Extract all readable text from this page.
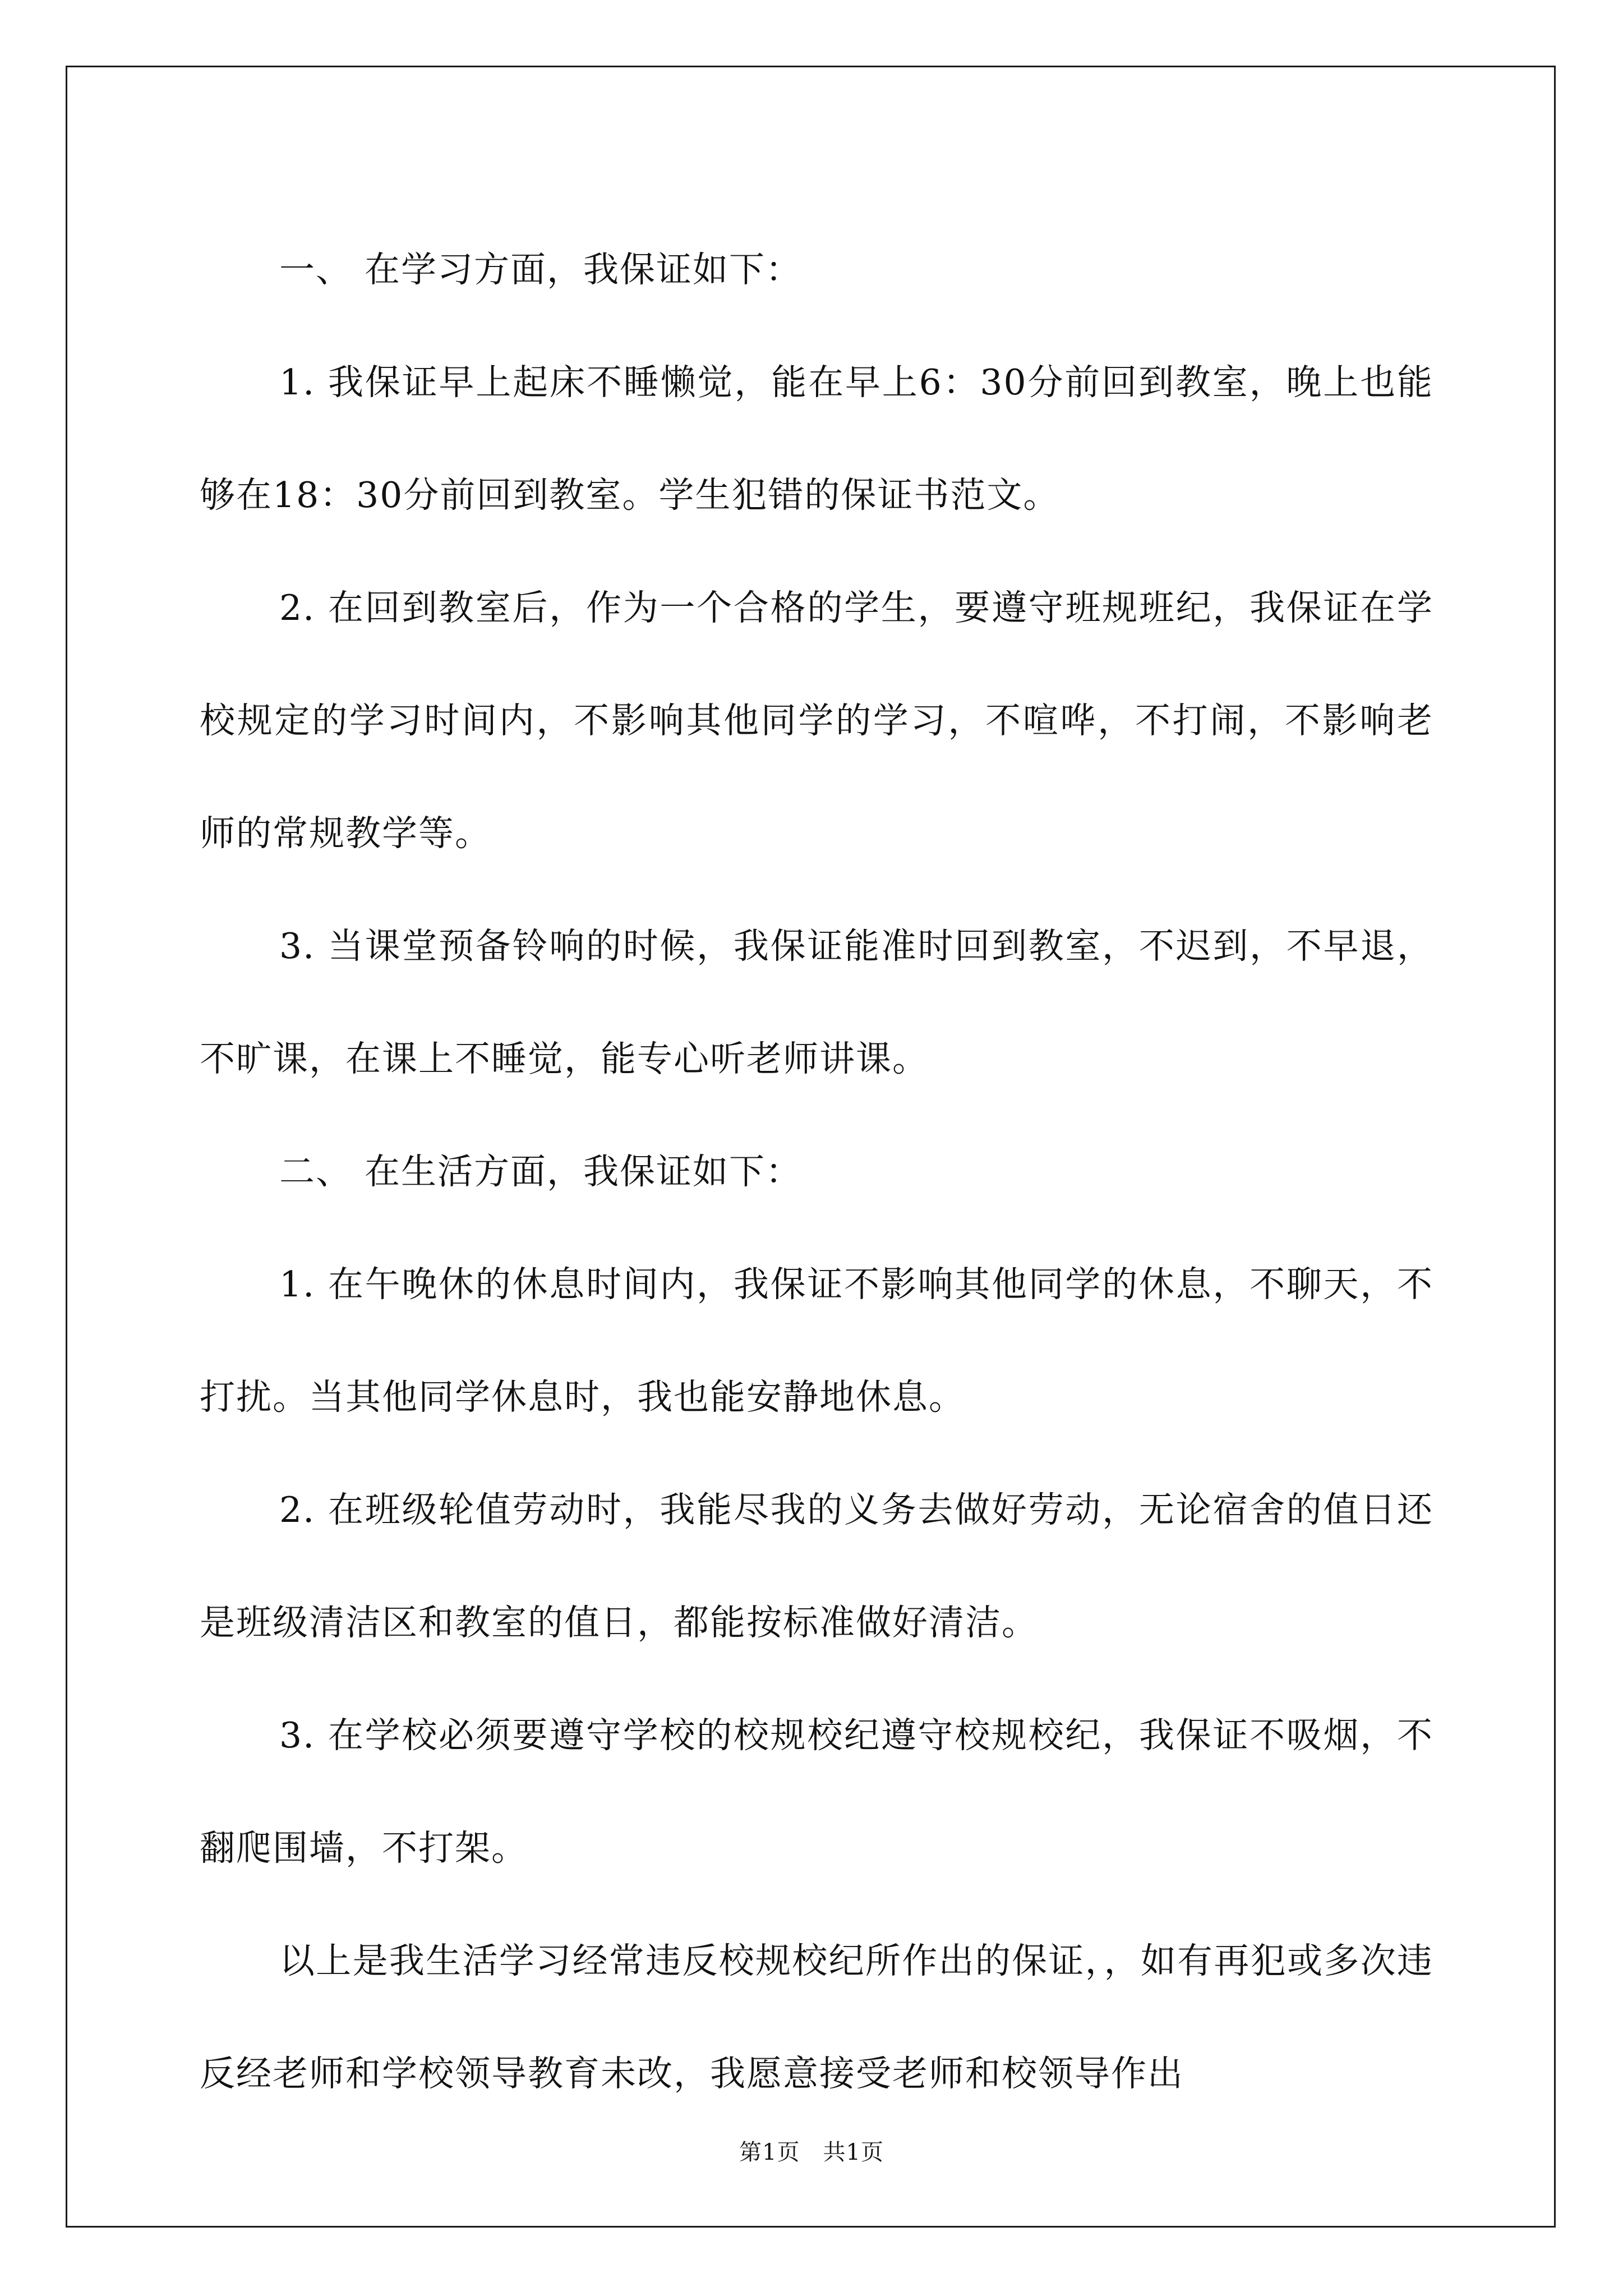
一、 在学习方面，我保证如下：

1. 我保证早上起床不睡懒觉，能在早上6：30分前回到教室，晚上也能够在18：30分前回到教室。学生犯错的保证书范文。

2. 在回到教室后，作为一个合格的学生，要遵守班规班纪，我保证在学校规定的学习时间内，不影响其他同学的学习，不喧哗，不打闹，不影响老师的常规教学等。

3. 当课堂预备铃响的时候，我保证能准时回到教室，不迟到，不早退，不旷课，在课上不睡觉，能专心听老师讲课。

二、 在生活方面，我保证如下：

1. 在午晚休的休息时间内，我保证不影响其他同学的休息，不聊天，不打扰。当其他同学休息时，我也能安静地休息。

2. 在班级轮值劳动时，我能尽我的义务去做好劳动，无论宿舍的值日还是班级清洁区和教室的值日，都能按标准做好清洁。

3. 在学校必须要遵守学校的校规校纪遵守校规校纪，我保证不吸烟，不翻爬围墙，不打架。

以上是我生活学习经常违反校规校纪所作出的保证，，如有再犯或多次违反经老师和学校领导教育未改，我愿意接受老师和校领导作出

第1页　共1页
